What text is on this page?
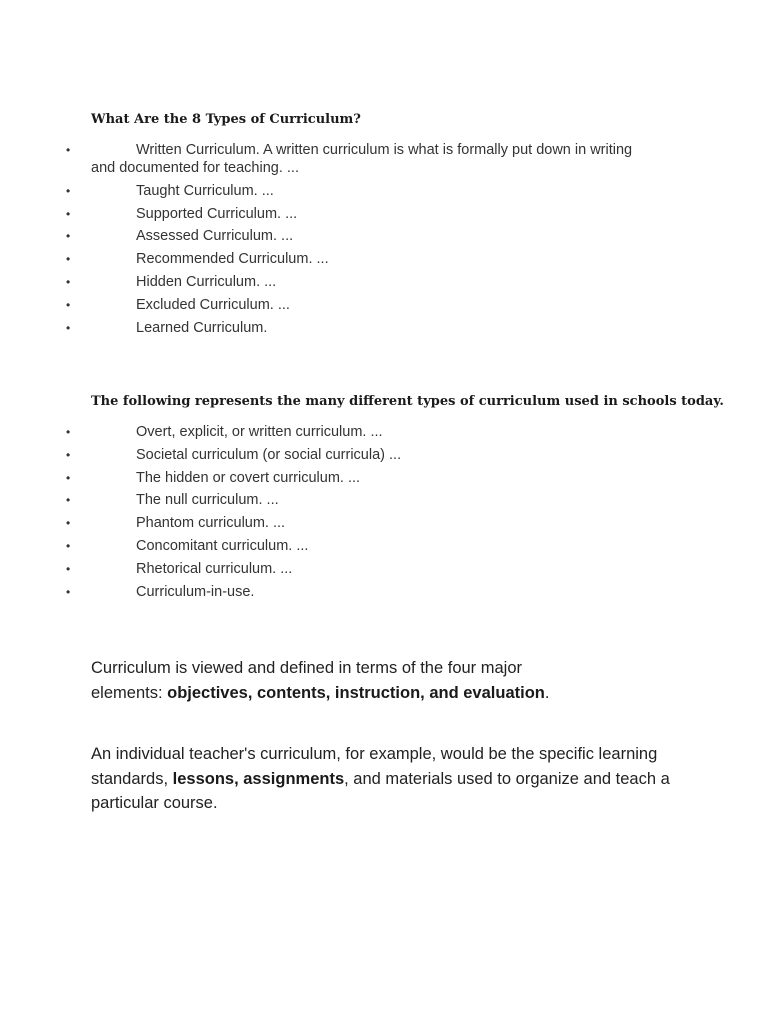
What Are the 8 Types of Curriculum?
•	Written Curriculum. A written curriculum is what is formally put down in writing
and documented for teaching. ...
•	Taught Curriculum. ...
•	Supported Curriculum. ...
•	Assessed Curriculum. ...
•	Recommended Curriculum. ...
•	Hidden Curriculum. ...
•	Excluded Curriculum. ...
•	Learned Curriculum.
The following represents the many different types of curriculum used in schools today.
•	Overt, explicit, or written curriculum. ...
•	Societal curriculum (or social curricula) ...
•	The hidden or covert curriculum. ...
•	The null curriculum. ...
•	Phantom curriculum. ...
•	Concomitant curriculum. ...
•	Rhetorical curriculum. ...
•	Curriculum-in-use.

Curriculum is viewed and defined in terms of the four major
elements: objectives, contents, instruction, and evaluation.

An individual teacher's curriculum, for example, would be the specific learning standards, lessons, assignments, and materials used to organize and teach a particular course.
